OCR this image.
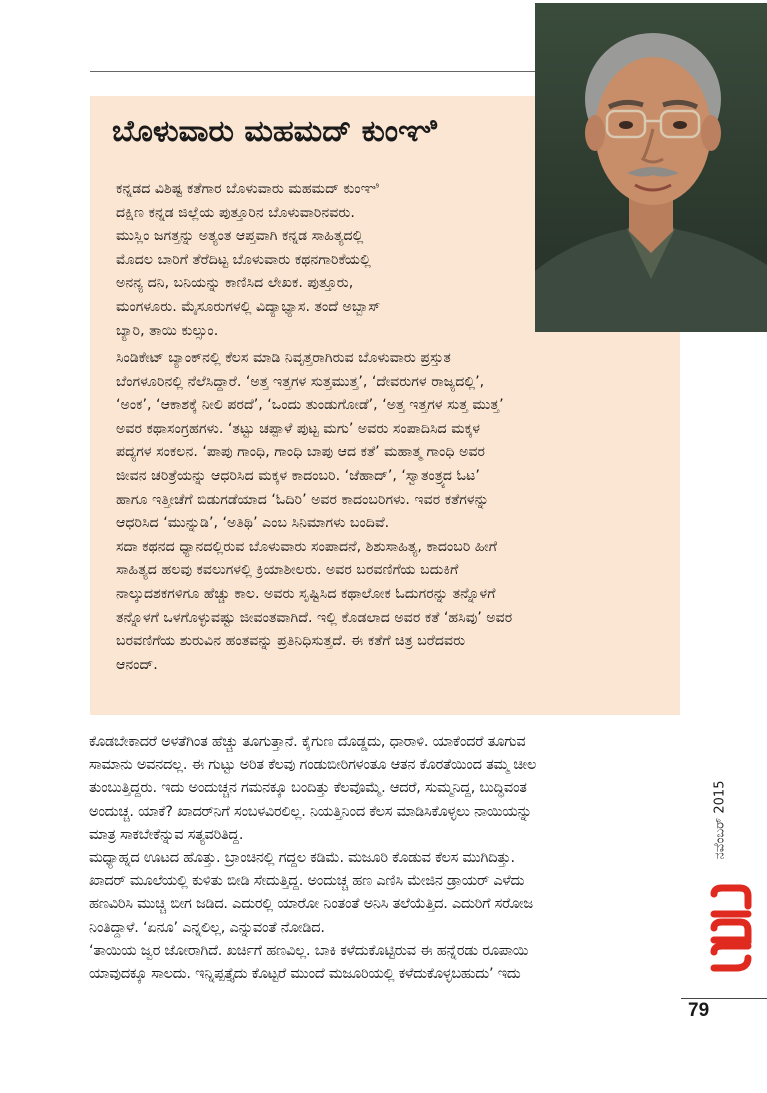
ಬೊಳುವಾರು ಮಹಮದ್ ಕುಂಞಿ
ಕನ್ನಡದ ವಿಶಿಷ್ಟ ಕತೆಗಾರ ಬೊಳುವಾರು ಮಹಮದ್ ಕುಂಞಿ
ದಕ್ಷಿಣ ಕನ್ನಡ ಜಿಲ್ಲೆಯ ಪುತ್ತೂರಿನ ಬೊಳುವಾರಿನವರು.
ಮುಸ್ಲಿಂ ಜಗತ್ತನ್ನು ಅತ್ಯಂತ ಆಪ್ತವಾಗಿ ಕನ್ನಡ ಸಾಹಿತ್ಯದಲ್ಲಿ
ಮೊದಲ ಬಾರಿಗೆ ತೆರೆದಿಟ್ಟ ಬೊಳುವಾರು ಕಥನಗಾರಿಕೆಯಲ್ಲಿ
ಅನನ್ಯ ದನಿ, ಬನಿಯನ್ನು ಕಾಣಿಸಿದ ಲೇಖಕ. ಪುತ್ತೂರು,
ಮಂಗಳೂರು. ಮೈಸೂರುಗಳಲ್ಲಿ ವಿದ್ಯಾಭ್ಯಾಸ. ತಂದೆ ಅಬ್ಬಾಸ್
ಬ್ಯಾರಿ, ತಾಯಿ ಕುಲ್ಸುಂ.
ಸಿಂಡಿಕೇಟ್ ಬ್ಯಾಂಕ್‌ನಲ್ಲಿ ಕೆಲಸ ಮಾಡಿ ನಿವೃತ್ತರಾಗಿರುವ ಬೊಳುವಾರು ಪ್ರಸ್ತುತ
ಬೆಂಗಳೂರಿನಲ್ಲಿ ನೆಲೆಸಿದ್ದಾರೆ. ‘ಅತ್ತ ಇತ್ತಗಳ ಸುತ್ತಮುತ್ತ’, ‘ದೇವರುಗಳ ರಾಜ್ಯದಲ್ಲಿ’,
‘ಅಂಕ’, ‘ಆಕಾಶಕ್ಕೆ ನೀಲಿ ಪರದೆ’, ‘ಒಂದು ತುಂಡುಗೋಡೆ’, ‘ಅತ್ತ ಇತ್ತಗಳ ಸುತ್ತ ಮುತ್ತ’
ಅವರ ಕಥಾಸಂಗ್ರಹಗಳು. ‘ತಟ್ಟು ಚಪ್ಪಾಳೆ ಪುಟ್ಟ ಮಗು’ ಅವರು ಸಂಪಾದಿಸಿದ ಮಕ್ಕಳ
ಪದ್ಯಗಳ ಸಂಕಲನ. ‘ಪಾಪು ಗಾಂಧಿ, ಗಾಂಧಿ ಬಾಪು ಆದ ಕತೆ’ ಮಹಾತ್ಮ ಗಾಂಧಿ ಅವರ
ಜೀವನ ಚರಿತ್ರೆಯನ್ನು ಆಧರಿಸಿದ ಮಕ್ಕಳ ಕಾದಂಬರಿ. ‘ಜೆಹಾದ್’, ‘ಸ್ವಾತಂತ್ರ್ಯದ ಓಟ’
ಹಾಗೂ ಇತ್ತೀಚೆಗೆ ಬಿಡುಗಡೆಯಾದ ‘ಓದಿರಿ’ ಅವರ ಕಾದಂಬರಿಗಳು. ಇವರ ಕತೆಗಳನ್ನು
ಆಧರಿಸಿದ ‘ಮುನ್ನುಡಿ’, ‘ಅತಿಥಿ’ ಎಂಬ ಸಿನಿಮಾಗಳು ಬಂದಿವೆ.
ಸದಾ ಕಥನದ ಧ್ಯಾನದಲ್ಲಿರುವ ಬೊಳುವಾರು ಸಂಪಾದನೆ, ಶಿಶುಸಾಹಿತ್ಯ, ಕಾದಂಬರಿ ಹೀಗೆ
ಸಾಹಿತ್ಯದ ಹಲವು ಕವಲುಗಳಲ್ಲಿ ಕ್ರಿಯಾಶೀಲರು. ಅವರ ಬರವಣಿಗೆಯ ಬದುಕಿಗೆ
ನಾಲ್ಕುದಶಕಗಳಿಗೂ ಹೆಚ್ಚು ಕಾಲ. ಅವರು ಸೃಷ್ಟಿಸಿದ ಕಥಾಲೋಕ ಓದುಗರನ್ನು ತನ್ನೊಳಗೆ
ತನ್ನೊಳಗೆ ಒಳಗೊಳ್ಳುವಷ್ಟು ಜೀವಂತವಾಗಿದೆ. ಇಲ್ಲಿ ಕೊಡಲಾದ ಅವರ ಕತೆ ‘ಹಸಿವು’ ಅವರ
ಬರವಣಿಗೆಯ ಶುರುವಿನ ಹಂತವನ್ನು ಪ್ರತಿನಿಧಿಸುತ್ತದೆ. ಈ ಕತೆಗೆ ಚಿತ್ರ ಬರೆದವರು
ಆನಂದ್.
ಕೊಡಬೇಕಾದರೆ ಅಳತೆಗಿಂತ ಹೆಚ್ಚು ತೂಗುತ್ತಾನೆ. ಕೈಗುಣ ದೊಡ್ಡದು, ಧಾರಾಳಿ. ಯಾಕೆಂದರೆ ತೂಗುವ
ಸಾಮಾನು ಅವನದಲ್ಲ. ಈ ಗುಟ್ಟು ಅರಿತ ಕೆಲವು ಗಂಡುಬೀರಿಗಳಂತೂ ಆತನ ಕೊರತೆಯಿಂದ ತಮ್ಮ ಚೀಲ
ತುಂಬುತ್ತಿದ್ದರು. ಇದು ಅಂದುಚ್ಚನ ಗಮನಕ್ಕೂ ಬಂದಿತ್ತು ಕೆಲವೊಮ್ಮೆ. ಆದರೆ, ಸುಮ್ಮನಿದ್ದ, ಬುದ್ಧಿವಂತ
ಅಂದುಚ್ಚ. ಯಾಕೆ? ಖಾದರ್‌ನಿಗೆ ಸಂಬಳವಿರಲಿಲ್ಲ. ನಿಯತ್ತಿನಿಂದ ಕೆಲಸ ಮಾಡಿಸಿಕೊಳ್ಳಲು ನಾಯಿಯನ್ನು
ಮಾತ್ರ ಸಾಕಬೇಕೆನ್ನುವ ಸತ್ಯವರಿತಿದ್ದ.
ಮಧ್ಯಾಹ್ನದ ಊಟದ ಹೊತ್ತು. ಬ್ರಾಂಚಿನಲ್ಲಿ ಗದ್ದಲ ಕಡಿಮೆ. ಮಜೂರಿ ಕೊಡುವ ಕೆಲಸ ಮುಗಿದಿತ್ತು.
ಖಾದರ್ ಮೂಲೆಯಲ್ಲಿ ಕುಳಿತು ಬೀಡಿ ಸೇದುತ್ತಿದ್ದ. ಅಂದುಚ್ಚ ಹಣ ಎಣಿಸಿ ಮೇಜಿನ ಡ್ರಾಯರ್ ಎಳೆದು
ಹಣವಿರಿಸಿ ಮುಚ್ಚಿ ಬೀಗ ಜಡಿದ. ಎದುರಲ್ಲಿ ಯಾರೋ ನಿಂತಂತೆ ಅನಿಸಿ ತಲೆಯೆತ್ತಿದ. ಎದುರಿಗೆ ಸರೋಜ
ನಿಂತಿದ್ದಾಳೆ. ‘ಏನೂ’ ಎನ್ನಲಿಲ್ಲ, ಎನ್ನುವಂತೆ ನೋಡಿದ.
‘ತಾಯಿಯ ಜ್ವರ ಜೋರಾಗಿದೆ. ಖರ್ಚಿಗೆ ಹಣವಿಲ್ಲ. ಬಾಕಿ ಕಳೆದುಕೊಟ್ಟಿರುವ ಈ ಹನ್ನೆರಡು ರೂಪಾಯಿ
ಯಾವುದಕ್ಕೂ ಸಾಲದು. ಇನ್ನಿಪ್ಪತ್ತೈದು ಕೊಟ್ಟರೆ ಮುಂದೆ ಮಜೂರಿಯಲ್ಲಿ ಕಳೆದುಕೊಳ್ಳಬಹುದು’ ಇದು
ನವೆಂಬರ್ 2015
79
